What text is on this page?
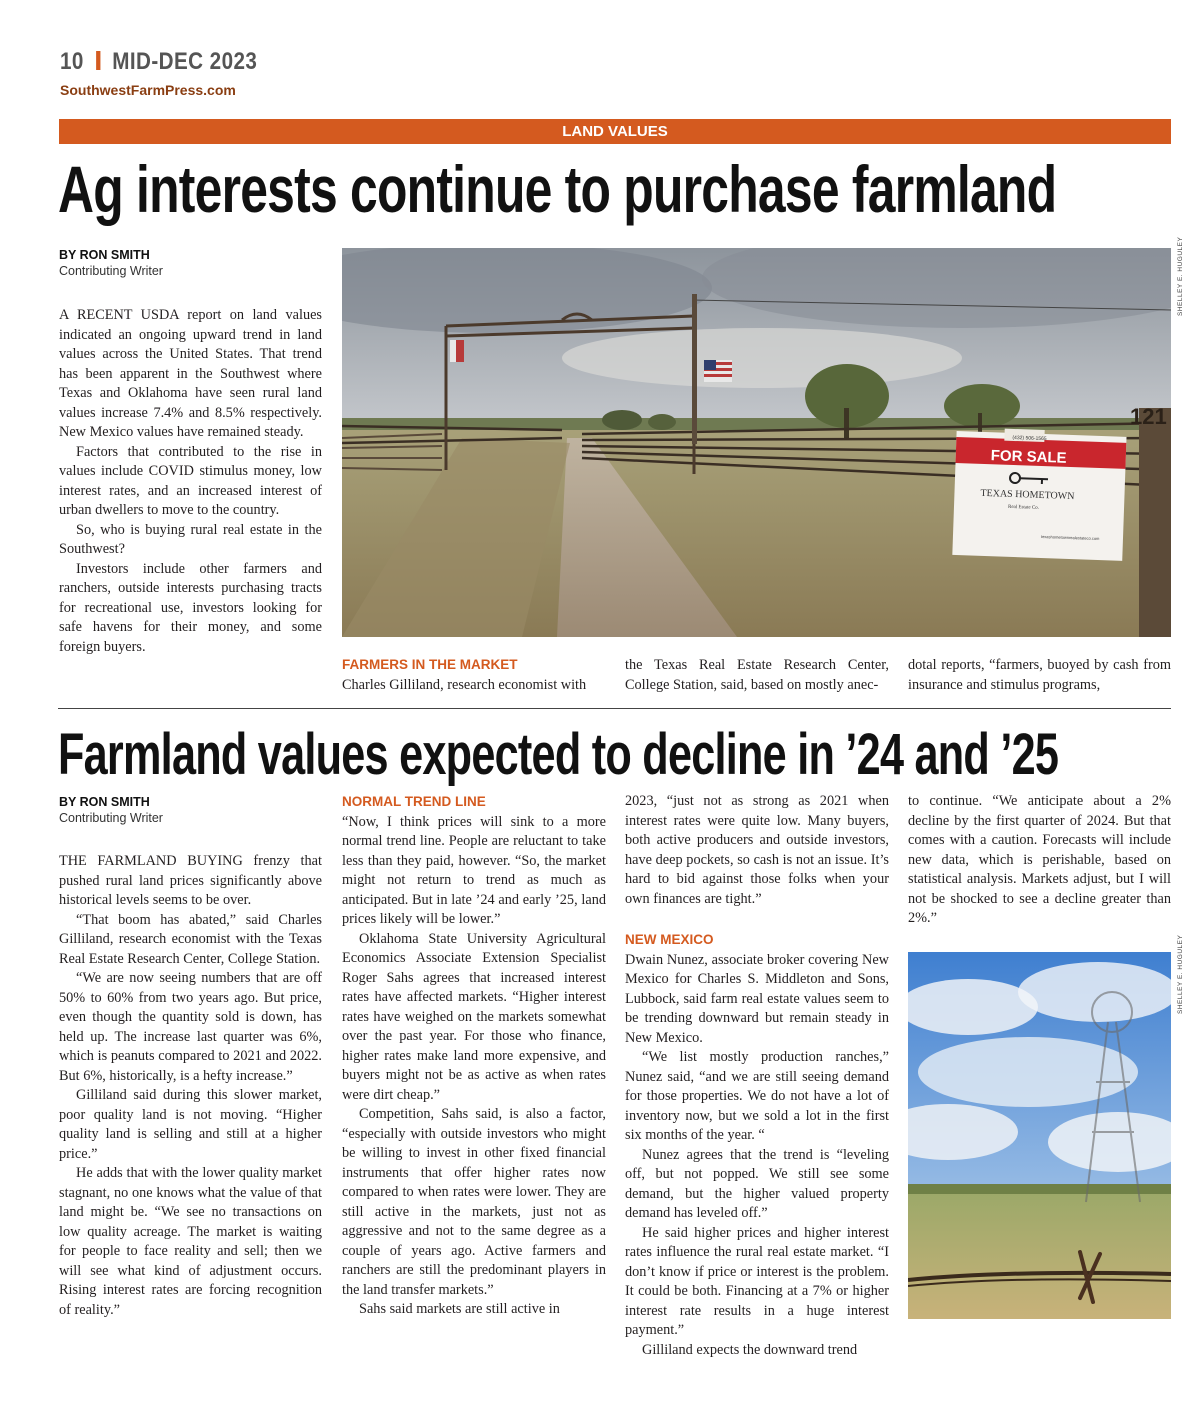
10 MID-DEC 2023
SouthwestFarmPress.com
LAND VALUES
Ag interests continue to purchase farmland
BY RON SMITH
Contributing Writer

A RECENT USDA report on land values indicated an ongoing upward trend in land values across the United States. That trend has been apparent in the Southwest where Texas and Oklahoma have seen rural land values increase 7.4% and 8.5% respectively. New Mexico values have remained steady.

Factors that contributed to the rise in values include COVID stimulus money, low interest rates, and an increased interest of urban dwellers to move to the country.

So, who is buying rural real estate in the Southwest?

Investors include other farmers and ranchers, outside interests purchasing tracts for recreational use, investors looking for safe havens for their money, and some foreign buyers.

121
(432) 506-1565
FOR SALE
TEXAS HOMETOWN
Real Estate Co.
texashometownrealestateco.com
SHELLEY E. HUGULEY
FARMERS IN THE MARKET
Charles Gilliland, research economist with
the Texas Real Estate Research Center, College Station, said, based on mostly anec-
dotal reports, “farmers, buoyed by cash from insurance and stimulus programs,
Farmland values expected to decline in ’24 and ’25
BY RON SMITH
Contributing Writer

THE FARMLAND BUYING frenzy that pushed rural land prices significantly above historical levels seems to be over.

“That boom has abated,” said Charles Gilliland, research economist with the Texas Real Estate Research Center, College Station.

“We are now seeing numbers that are off 50% to 60% from two years ago. But price, even though the quantity sold is down, has held up. The increase last quarter was 6%, which is peanuts compared to 2021 and 2022. But 6%, historically, is a hefty increase.”

Gilliland said during this slower market, poor quality land is not moving. “Higher quality land is selling and still at a higher price.”

He adds that with the lower quality market stagnant, no one knows what the value of that land might be. “We see no transactions on low quality acreage. The market is waiting for people to face reality and sell; then we will see what kind of adjustment occurs. Rising interest rates are forcing recognition of reality.”

NORMAL TREND LINE

“Now, I think prices will sink to a more normal trend line. People are reluctant to take less than they paid, however. “So, the market might not return to trend as much as anticipated. But in late ’24 and early ’25, land prices likely will be lower.”

Oklahoma State University Agricultural Economics Associate Extension Specialist Roger Sahs agrees that increased interest rates have affected markets. “Higher interest rates have weighed on the markets somewhat over the past year. For those who finance, higher rates make land more expensive, and buyers might not be as active as when rates were dirt cheap.”

Competition, Sahs said, is also a factor, “especially with outside investors who might be willing to invest in other fixed financial instruments that offer higher rates now compared to when rates were lower. They are still active in the markets, just not as aggressive and not to the same degree as a couple of years ago. Active farmers and ranchers are still the predominant players in the land transfer markets.”

Sahs said markets are still active in

2023, “just not as strong as 2021 when interest rates were quite low. Many buyers, both active producers and outside investors, have deep pockets, so cash is not an issue. It’s hard to bid against those folks when your own finances are tight.”

NEW MEXICO

Dwain Nunez, associate broker covering New Mexico for Charles S. Middleton and Sons, Lubbock, said farm real estate values seem to be trending downward but remain steady in New Mexico.

“We list mostly production ranches,” Nunez said, “and we are still seeing demand for those properties. We do not have a lot of inventory now, but we sold a lot in the first six months of the year. “

Nunez agrees that the trend is “leveling off, but not popped. We still see some demand, but the higher valued property demand has leveled off.”

He said higher prices and higher interest rates influence the rural real estate market. “I don’t know if price or interest is the problem. It could be both. Financing at a 7% or higher interest rate results in a huge interest payment.”

Gilliland expects the downward trend

to continue. “We anticipate about a 2% decline by the first quarter of 2024. But that comes with a caution. Forecasts will include new data, which is perishable, based on statistical analysis. Markets adjust, but I will not be shocked to see a decline greater than 2%.”

SHELLEY E. HUGULEY
